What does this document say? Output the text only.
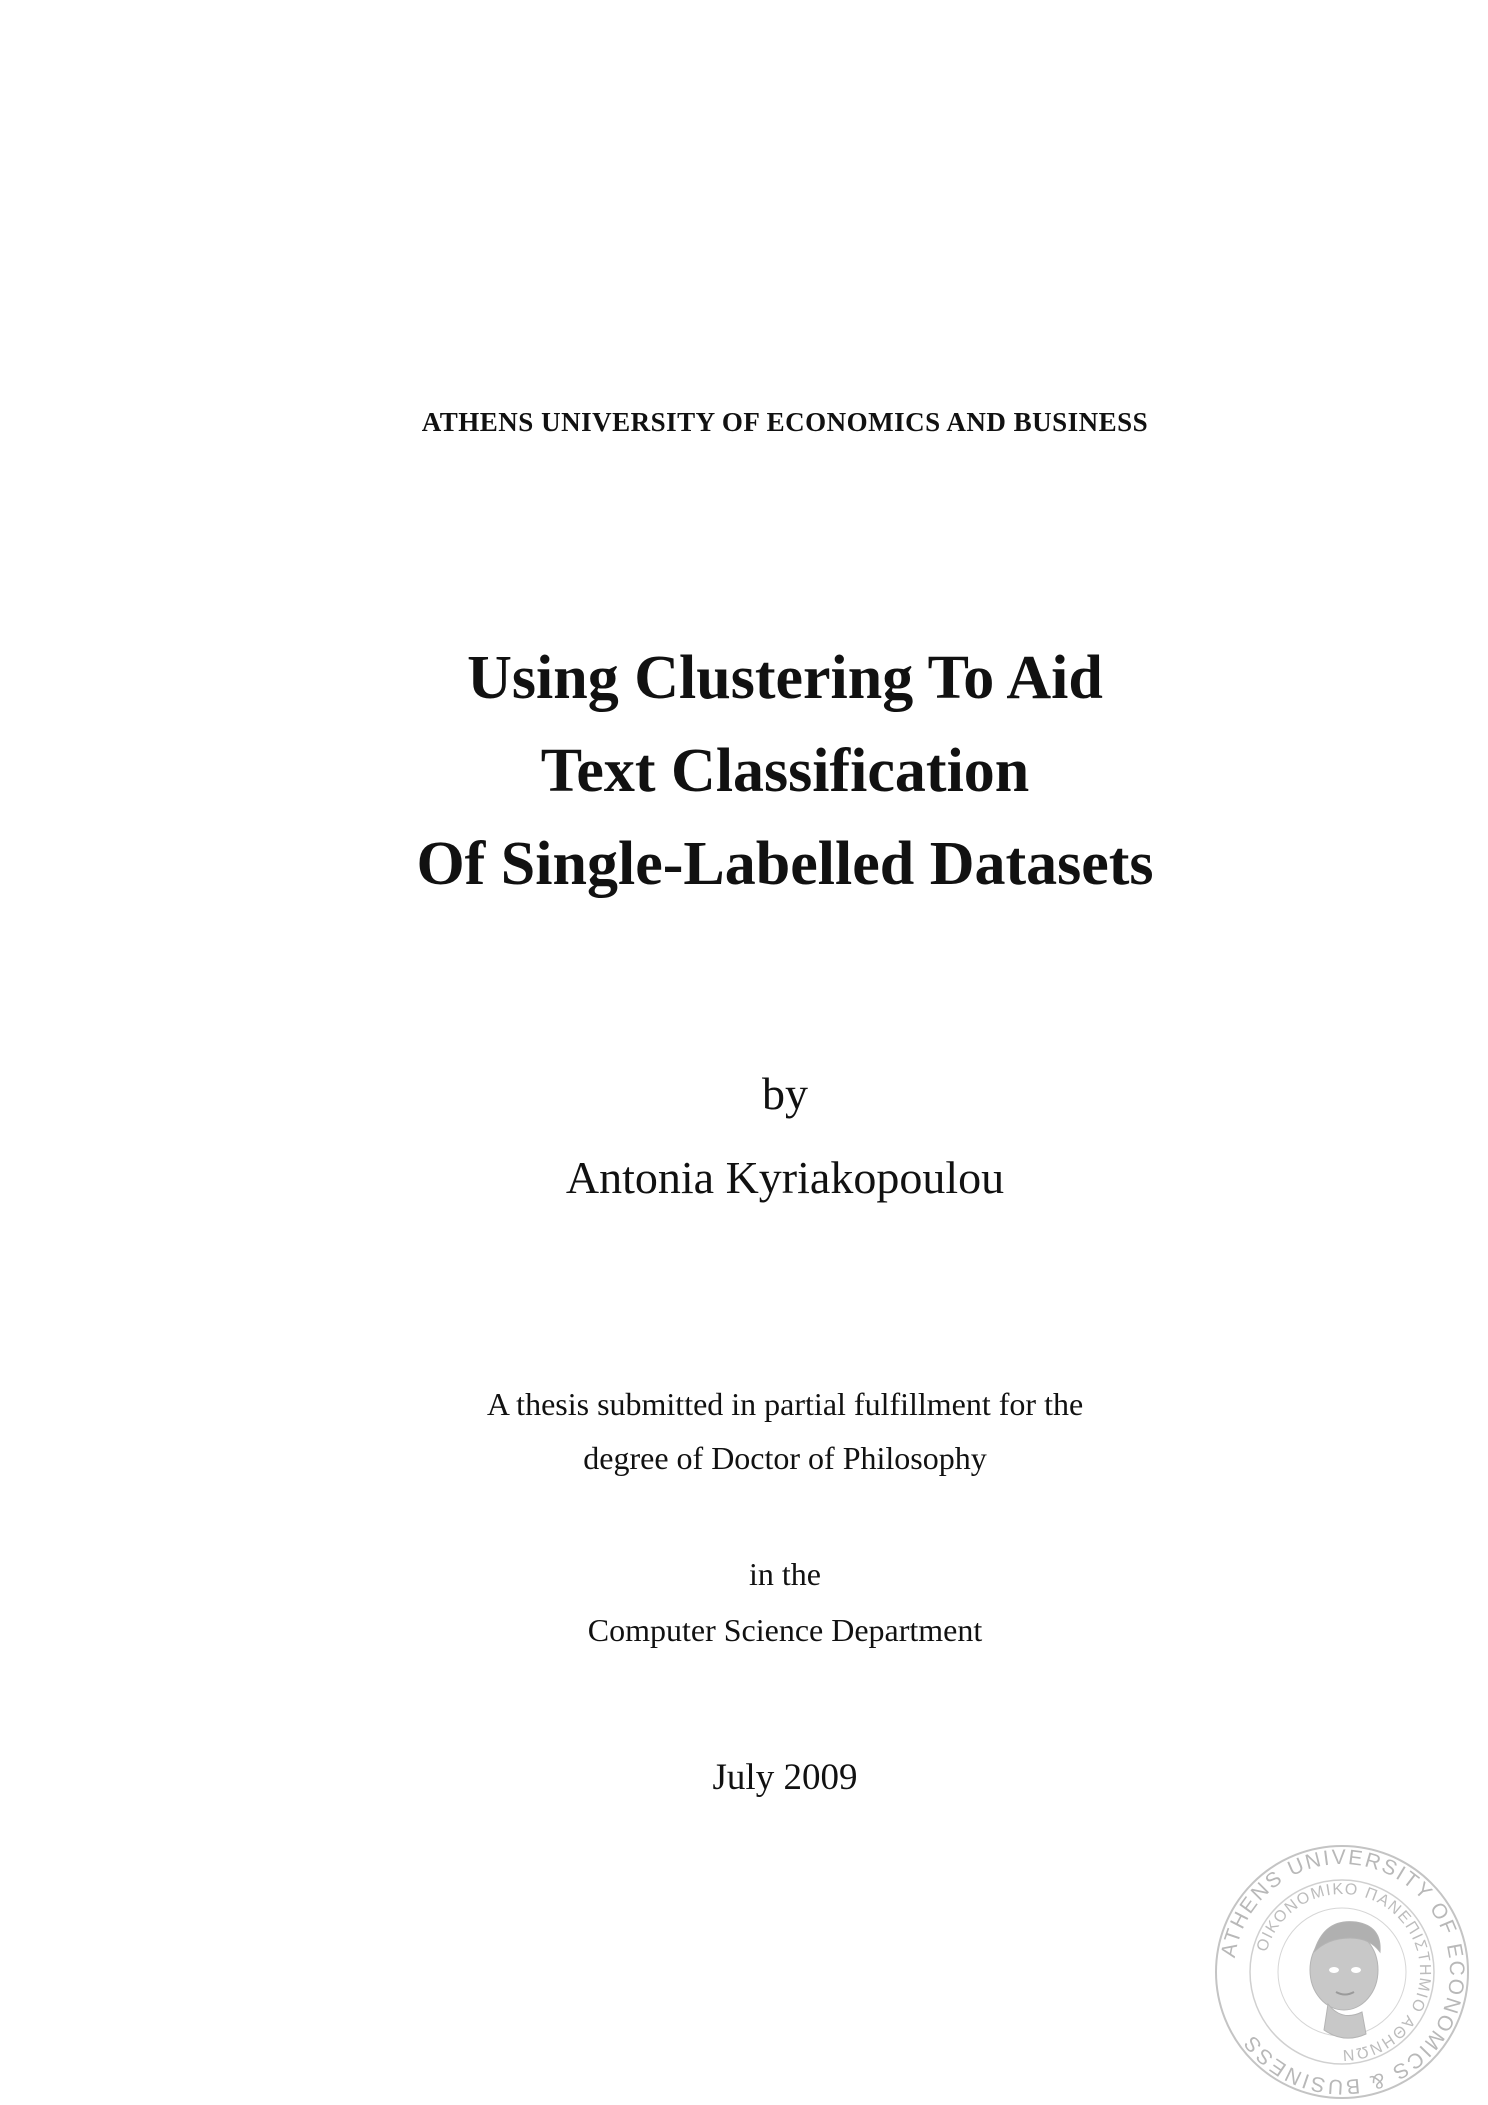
ATHENS UNIVERSITY OF ECONOMICS AND BUSINESS
Using Clustering To Aid
Text Classification
Of Single-Labelled Datasets
by
Antonia Kyriakopoulou
A thesis submitted in partial fulfillment for the
degree of Doctor of Philosophy
in the
Computer Science Department
July 2009
ATHENS UNIVERSITY OF ECONOMICS & BUSINESS
ΟΙΚΟΝΟΜΙΚΟ ΠΑΝΕΠΙΣΤΗΜΙΟ ΑΘΗΝΩΝ
